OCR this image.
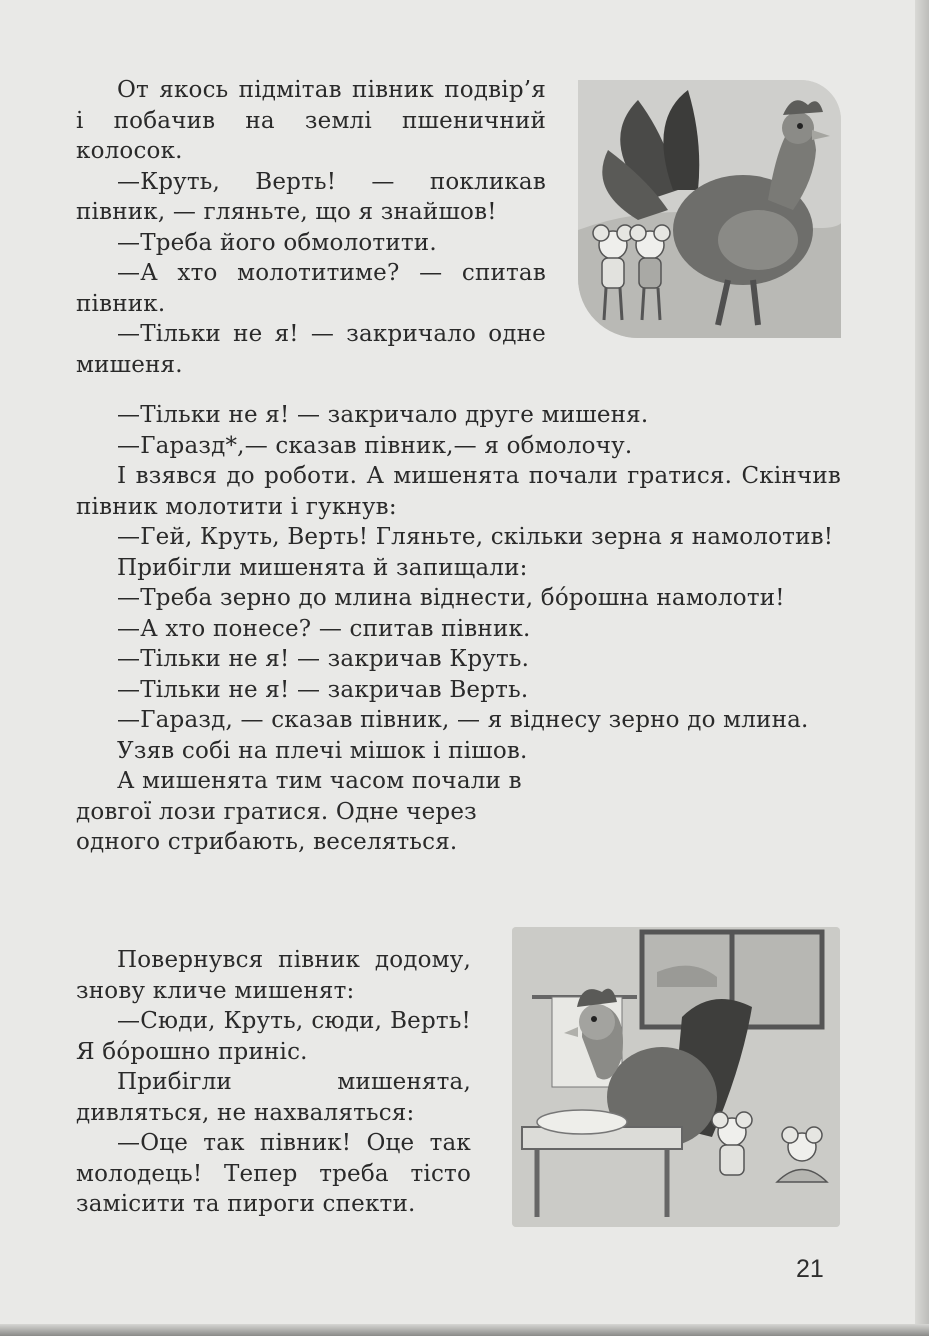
От якось підмітав півник подвір’я і побачив на землі пшеничний колосок.

—Круть, Верть! — покликав півник, — гляньте, що я знайшов!

—Треба його обмолотити.

—А хто молотитиме? — спитав півник.

—Тільки не я! — закричало одне мишеня.

—Тільки не я! — закричало друге мишеня.

—Гаразд*,— сказав півник,— я обмолочу.

І взявся до роботи. А мишенята почали гратися. Скінчив півник молотити і гукнув:

—Гей, Круть, Верть! Гляньте, скільки зерна я намолотив!

Прибігли мишенята й запищали:

—Треба зерно до млина віднести, бо́рошна намолоти!

—А хто понесе? — спитав півник.

—Тільки не я! — закричав Круть.

—Тільки не я! — закричав Верть.

—Гаразд, — сказав півник, — я віднесу зерно до млина.

Узяв собі на плечі мішок і пішов.

А мишенята тим часом почали в довгої лози гратися. Одне через одного стрибають, веселяться.

Повернувся півник додому, знову кличе мишенят:

—Сюди, Круть, сюди, Верть! Я бо́рошно приніс.

Прибігли мишенята, дивляться, не нахваляться:

—Оце так півник! Оце так молодець! Тепер треба тісто замісити та пироги спекти.

21
